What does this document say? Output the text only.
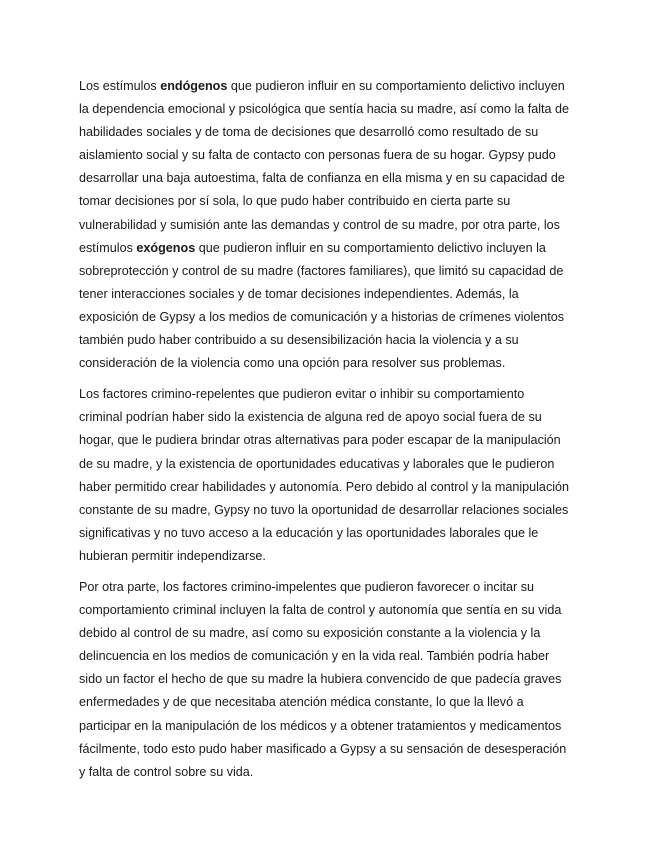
Los estímulos endógenos que pudieron influir en su comportamiento delictivo incluyen
la dependencia emocional y psicológica que sentía hacia su madre, así como la falta de
habilidades sociales y de toma de decisiones que desarrolló como resultado de su
aislamiento social y su falta de contacto con personas fuera de su hogar. Gypsy pudo
desarrollar una baja autoestima, falta de confianza en ella misma y en su capacidad de
tomar decisiones por sí sola, lo que pudo haber contribuido en cierta parte su
vulnerabilidad y sumisión ante las demandas y control de su madre, por otra parte, los
estímulos exógenos que pudieron influir en su comportamiento delictivo incluyen la
sobreprotección y control de su madre (factores familiares), que limitó su capacidad de
tener interacciones sociales y de tomar decisiones independientes. Además, la
exposición de Gypsy a los medios de comunicación y a historias de crímenes violentos
también pudo haber contribuido a su desensibilización hacia la violencia y a su
consideración de la violencia como una opción para resolver sus problemas.

Los factores crimino-repelentes que pudieron evitar o inhibir su comportamiento
criminal podrían haber sido la existencia de alguna red de apoyo social fuera de su
hogar, que le pudiera brindar otras alternativas para poder escapar de la manipulación
de su madre, y la existencia de oportunidades educativas y laborales que le pudieron
haber permitido crear habilidades y autonomía. Pero debido al control y la manipulación
constante de su madre, Gypsy no tuvo la oportunidad de desarrollar relaciones sociales
significativas y no tuvo acceso a la educación y las oportunidades laborales que le
hubieran permitir independizarse.

Por otra parte, los factores crimino-impelentes que pudieron favorecer o incitar su
comportamiento criminal incluyen la falta de control y autonomía que sentía en su vida
debido al control de su madre, así como su exposición constante a la violencia y la
delincuencia en los medios de comunicación y en la vida real. También podría haber
sido un factor el hecho de que su madre la hubiera convencido de que padecía graves
enfermedades y de que necesitaba atención médica constante, lo que la llevó a
participar en la manipulación de los médicos y a obtener tratamientos y medicamentos
fácilmente, todo esto pudo haber masificado a Gypsy a su sensación de desesperación
y falta de control sobre su vida.
